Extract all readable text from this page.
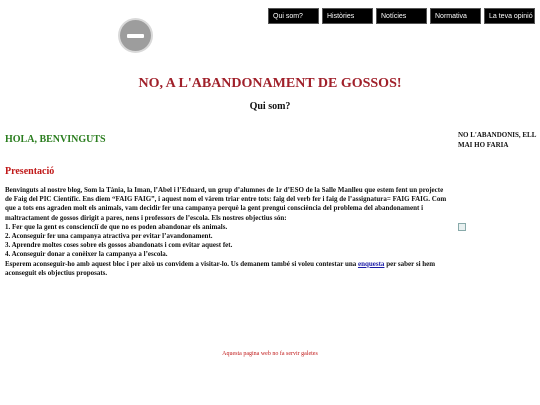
Qui som?	Històries	Notícies	Normativa	La teva opinió
NO, A L'ABANDONAMENT DE GOSSOS!
Qui som?
HOLA, BENVINGUTS	NO L'ABANDONIS, ELL MAI HO FARIA
Presentació

Benvinguts al nostre blog, Som la Tània, la Iman, l’Abel i l’Eduard, un grup d’alumnes de 1r d’ESO de la Salle Manlleu que estem fent un projecte de Faig del PIC Científic. Ens diem “FAIG FAIG”, i aquest nom el vàrem triar entre tots: faig del verb fer i faig de l’assignatura= FAIG FAIG. Com que a tots ens agraden molt els animals, vam decidir fer una campanya perquè la gent prengui consciència del problema del abandonament i maltractament de gossos dirigit a pares, nens i professors de l’escola. Els nostres objectius són:

1. Fer que la gent es conscienciï de que no es poden abandonar els animals.

2. Aconseguir fer una campanya atractiva per evitar l’avandonament.

3. Aprendre moltes coses sobre els gossos abandonats i com evitar aquest fet.

4. Aconseguir donar a conèixer la campanya a l’escola.

Esperem aconseguir-ho amb aquest bloc i per això us convidem a visitar-lo. Us demanem també si voleu contestar una enquesta per saber si hem aconseguit els objectius proposats.

Aquesta pagina web no fa servir galetes
